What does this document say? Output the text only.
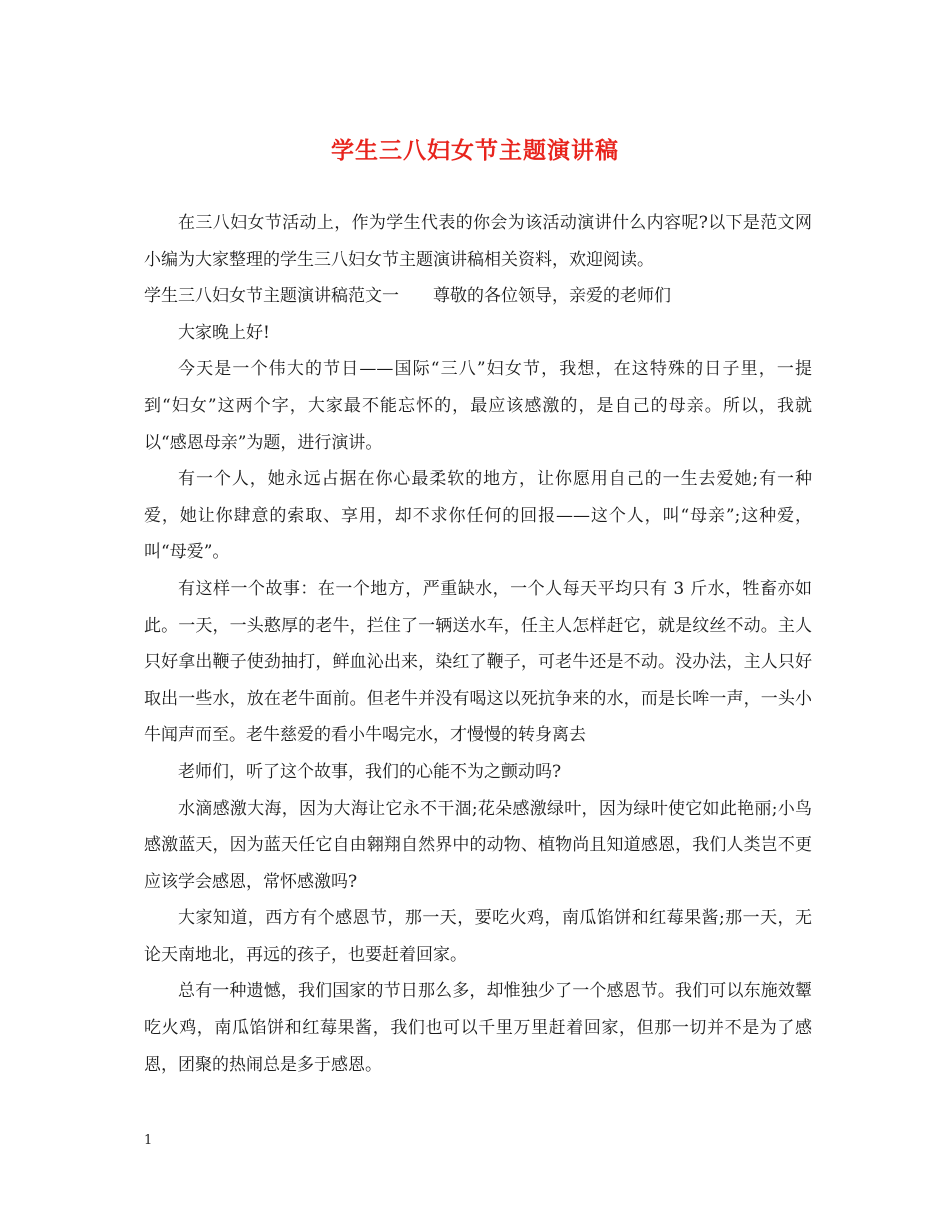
学生三八妇女节主题演讲稿

在三八妇女节活动上，作为学生代表的你会为该活动演讲什么内容呢?以下是范文网小编为大家整理的学生三八妇女节主题演讲稿相关资料，欢迎阅读。

学生三八妇女节主题演讲稿范文一　　尊敬的各位领导，亲爱的老师们

大家晚上好!

今天是一个伟大的节日——国际“三八”妇女节，我想，在这特殊的日子里，一提到“妇女”这两个字，大家最不能忘怀的，最应该感激的，是自己的母亲。所以，我就以“感恩母亲”为题，进行演讲。

有一个人，她永远占据在你心最柔软的地方，让你愿用自己的一生去爱她;有一种爱，她让你肆意的索取、享用，却不求你任何的回报——这个人，叫“母亲”;这种爱，叫“母爱”。

有这样一个故事：在一个地方，严重缺水，一个人每天平均只有 3 斤水，牲畜亦如此。一天，一头憨厚的老牛，拦住了一辆送水车，任主人怎样赶它，就是纹丝不动。主人只好拿出鞭子使劲抽打，鲜血沁出来，染红了鞭子，可老牛还是不动。没办法，主人只好取出一些水，放在老牛面前。但老牛并没有喝这以死抗争来的水，而是长哞一声，一头小牛闻声而至。老牛慈爱的看小牛喝完水，才慢慢的转身离去

老师们，听了这个故事，我们的心能不为之颤动吗?

水滴感激大海，因为大海让它永不干涸;花朵感激绿叶，因为绿叶使它如此艳丽;小鸟感激蓝天，因为蓝天任它自由翱翔自然界中的动物、植物尚且知道感恩，我们人类岂不更应该学会感恩，常怀感激吗?

大家知道，西方有个感恩节，那一天，要吃火鸡，南瓜馅饼和红莓果酱;那一天，无论天南地北，再远的孩子，也要赶着回家。

总有一种遗憾，我们国家的节日那么多，却惟独少了一个感恩节。我们可以东施效颦吃火鸡，南瓜馅饼和红莓果酱，我们也可以千里万里赶着回家，但那一切并不是为了感恩，团聚的热闹总是多于感恩。

1
